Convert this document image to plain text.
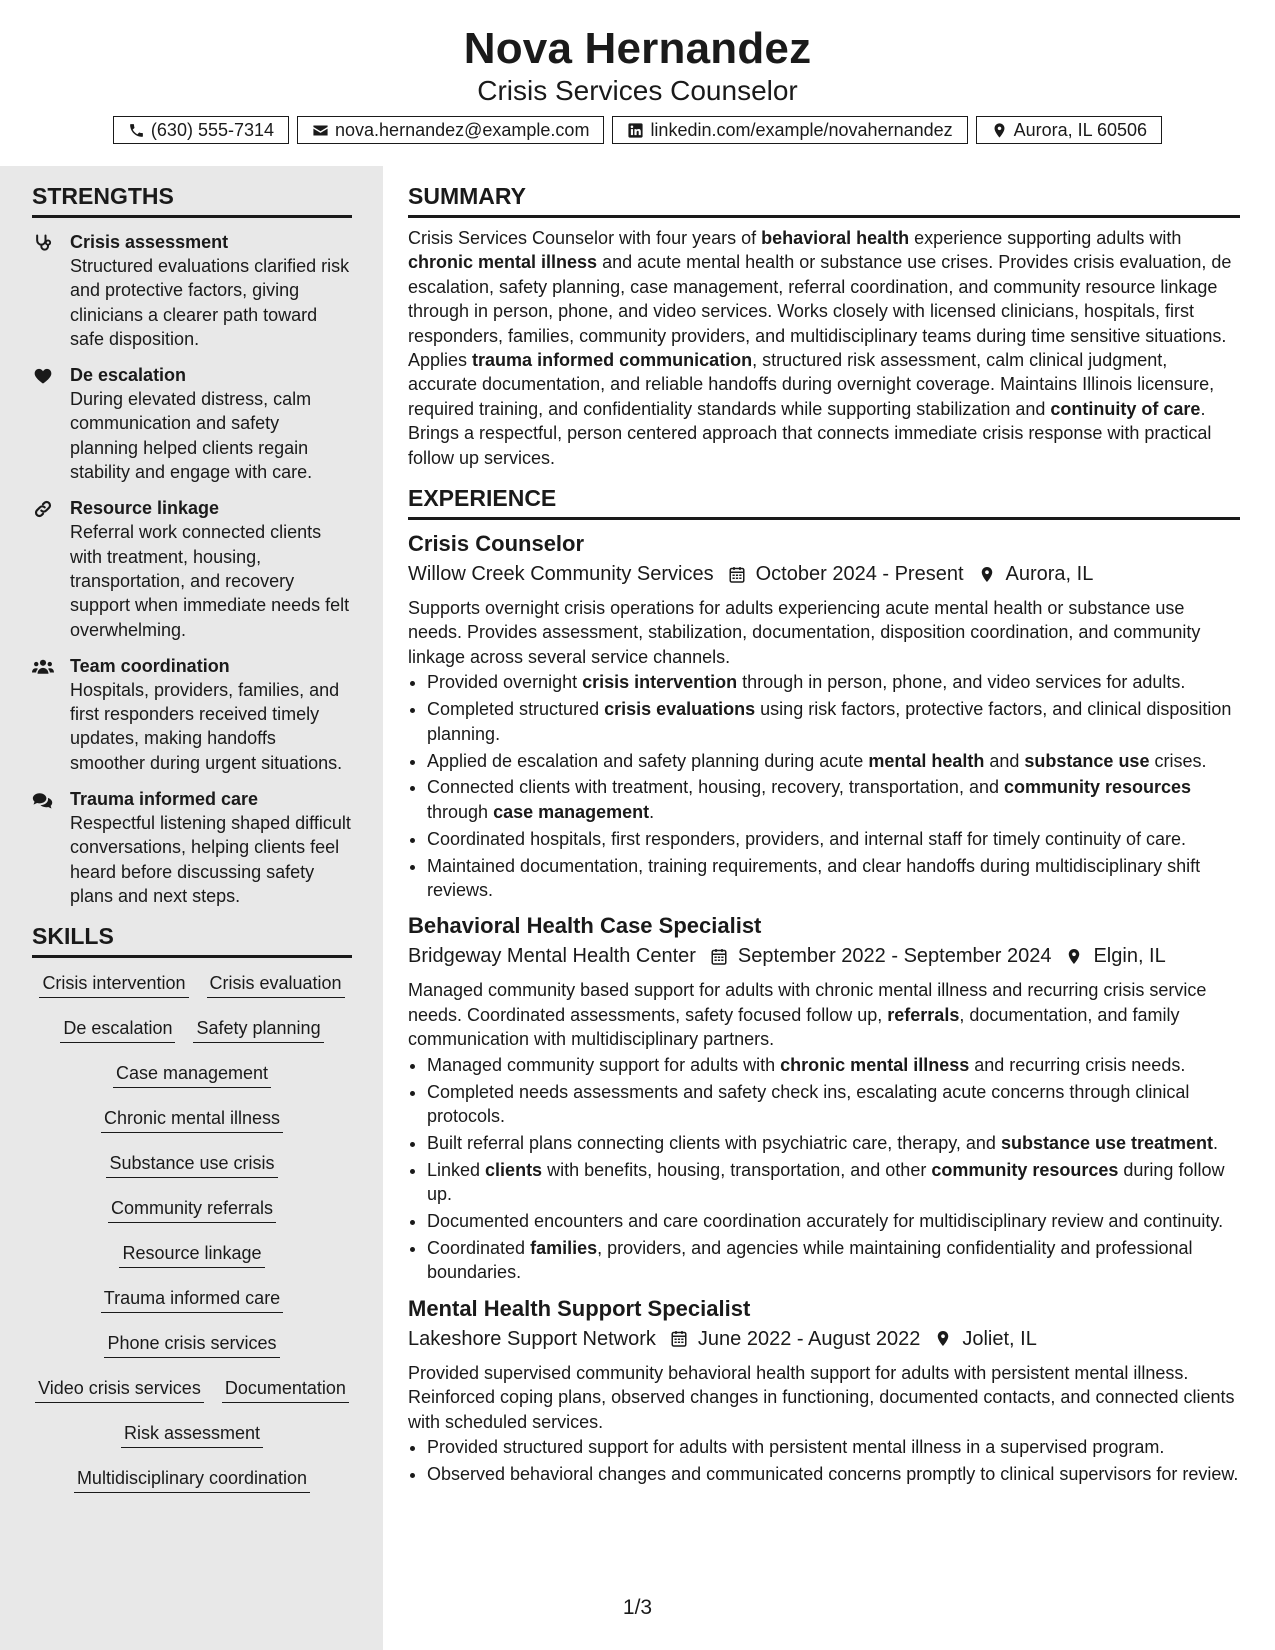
Nova Hernandez
Crisis Services Counselor
(630) 555-7314	nova.hernandez@example.com	linkedin.com/example/novahernandez	Aurora, IL 60506
STRENGTHS
Crisis assessment
Structured evaluations clarified risk and protective factors, giving clinicians a clearer path toward safe disposition.
De escalation
During elevated distress, calm communication and safety planning helped clients regain stability and engage with care.
Resource linkage
Referral work connected clients with treatment, housing, transportation, and recovery support when immediate needs felt overwhelming.
Team coordination
Hospitals, providers, families, and first responders received timely updates, making handoffs smoother during urgent situations.
Trauma informed care
Respectful listening shaped difficult conversations, helping clients feel heard before discussing safety plans and next steps.
SKILLS
Crisis intervention Crisis evaluation
De escalation Safety planning
Case management
Chronic mental illness
Substance use crisis
Community referrals
Resource linkage
Trauma informed care
Phone crisis services
Video crisis services Documentation
Risk assessment
Multidisciplinary coordination
SUMMARY
Crisis Services Counselor with four years of behavioral health experience supporting adults with chronic mental illness and acute mental health or substance use crises. Provides crisis evaluation, de escalation, safety planning, case management, referral coordination, and community resource linkage through in person, phone, and video services. Works closely with licensed clinicians, hospitals, first responders, families, community providers, and multidisciplinary teams during time sensitive situations. Applies trauma informed communication, structured risk assessment, calm clinical judgment, accurate documentation, and reliable handoffs during overnight coverage. Maintains Illinois licensure, required training, and confidentiality standards while supporting stabilization and continuity of care. Brings a respectful, person centered approach that connects immediate crisis response with practical follow up services.
EXPERIENCE
Crisis Counselor
Willow Creek Community Services October 2024 - Present Aurora, IL
Supports overnight crisis operations for adults experiencing acute mental health or substance use needs. Provides assessment, stabilization, documentation, disposition coordination, and community linkage across several service channels.
• Provided overnight crisis intervention through in person, phone, and video services for adults.
• Completed structured crisis evaluations using risk factors, protective factors, and clinical disposition planning.
• Applied de escalation and safety planning during acute mental health and substance use crises.
• Connected clients with treatment, housing, recovery, transportation, and community resources through case management.
• Coordinated hospitals, first responders, providers, and internal staff for timely continuity of care.
• Maintained documentation, training requirements, and clear handoffs during multidisciplinary shift reviews.
Behavioral Health Case Specialist
Bridgeway Mental Health Center September 2022 - September 2024 Elgin, IL
Managed community based support for adults with chronic mental illness and recurring crisis service needs. Coordinated assessments, safety focused follow up, referrals, documentation, and family communication with multidisciplinary partners.
• Managed community support for adults with chronic mental illness and recurring crisis needs.
• Completed needs assessments and safety check ins, escalating acute concerns through clinical protocols.
• Built referral plans connecting clients with psychiatric care, therapy, and substance use treatment.
• Linked clients with benefits, housing, transportation, and other community resources during follow up.
• Documented encounters and care coordination accurately for multidisciplinary review and continuity.
• Coordinated families, providers, and agencies while maintaining confidentiality and professional boundaries.
Mental Health Support Specialist
Lakeshore Support Network June 2022 - August 2022 Joliet, IL
Provided supervised community behavioral health support for adults with persistent mental illness. Reinforced coping plans, observed changes in functioning, documented contacts, and connected clients with scheduled services.
• Provided structured support for adults with persistent mental illness in a supervised program.
• Observed behavioral changes and communicated concerns promptly to clinical supervisors for review.
1/3
